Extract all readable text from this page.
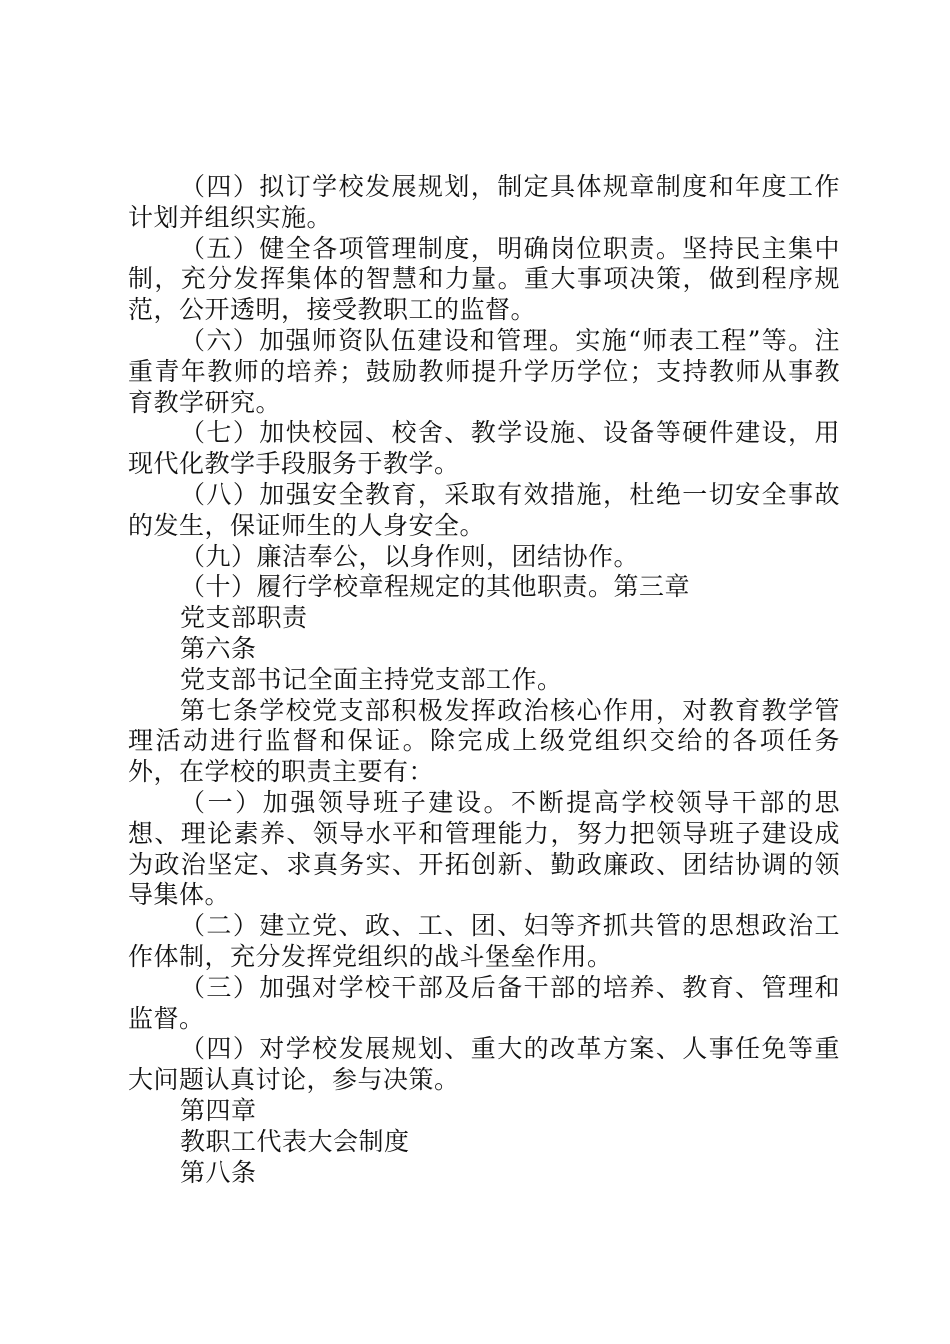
（四）拟订学校发展规划，制定具体规章制度和年度工作计划并组织实施。

（五）健全各项管理制度，明确岗位职责。坚持民主集中制，充分发挥集体的智慧和力量。重大事项决策，做到程序规范，公开透明，接受教职工的监督。

（六）加强师资队伍建设和管理。实施“师表工程”等。注重青年教师的培养；鼓励教师提升学历学位；支持教师从事教育教学研究。

（七）加快校园、校舍、教学设施、设备等硬件建设，用现代化教学手段服务于教学。

（八）加强安全教育，采取有效措施，杜绝一切安全事故的发生，保证师生的人身安全。

（九）廉洁奉公，以身作则，团结协作。

（十）履行学校章程规定的其他职责。第三章

党支部职责

第六条

党支部书记全面主持党支部工作。

第七条学校党支部积极发挥政治核心作用，对教育教学管理活动进行监督和保证。除完成上级党组织交给的各项任务外，在学校的职责主要有：

（一）加强领导班子建设。不断提高学校领导干部的思想、理论素养、领导水平和管理能力，努力把领导班子建设成为政治坚定、求真务实、开拓创新、勤政廉政、团结协调的领导集体。

（二）建立党、政、工、团、妇等齐抓共管的思想政治工作体制，充分发挥党组织的战斗堡垒作用。

（三）加强对学校干部及后备干部的培养、教育、管理和监督。

（四）对学校发展规划、重大的改革方案、人事任免等重大问题认真讨论，参与决策。

第四章

教职工代表大会制度

第八条
